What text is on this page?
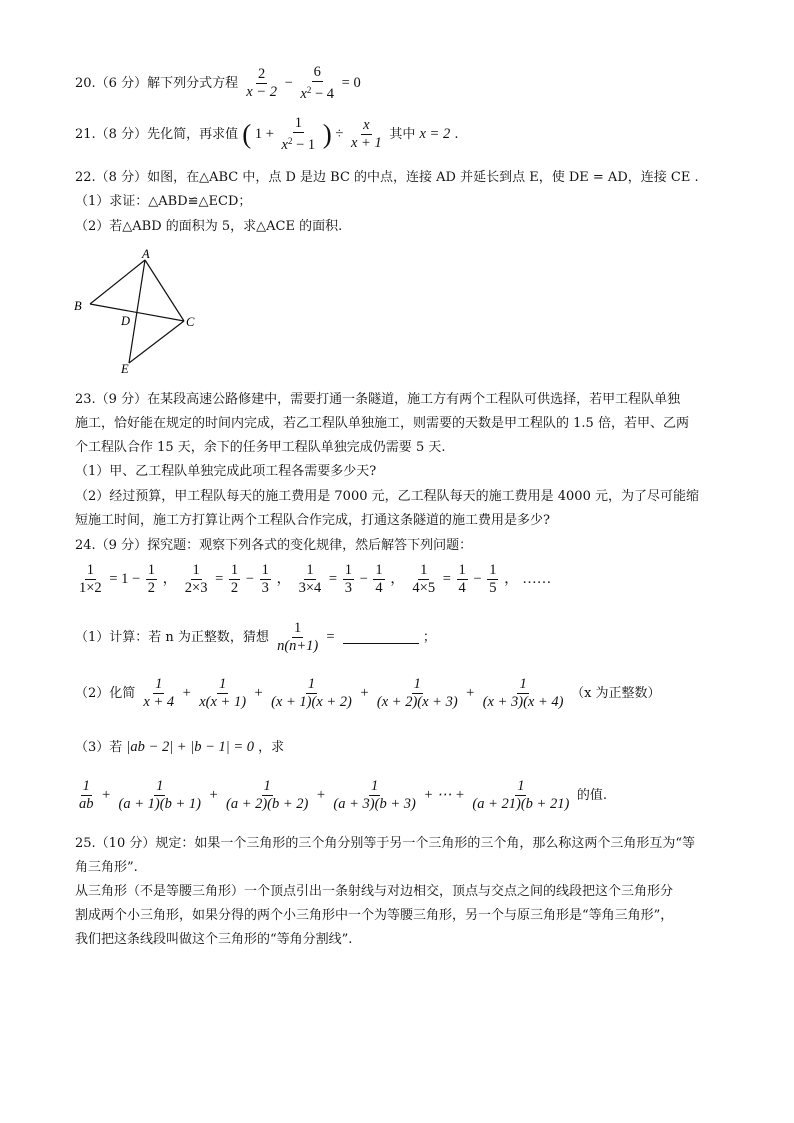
20.（6 分）解下列分式方程 $\frac{2}{x - 2} - \frac{6}{x^2 - 4} = 0$
21.（8 分）先化简，再求值 ( $1 + \frac{1}{x^2 - 1}$ ) ÷ $\frac{x}{x + 1}$ 其中 x = 2 .
22.（8 分）如图，在△ABC 中，点 D 是边 BC 的中点，连接 AD 并延长到点 E，使 DE = AD，连接 CE .
（1）求证：△ABD≌△ECD；
（2）若△ABD 的面积为 5，求△ACE 的面积.
A
B
C
D
E
23.（9 分）在某段高速公路修建中，需要打通一条隧道，施工方有两个工程队可供选择，若甲工程队单独
施工，恰好能在规定的时间内完成，若乙工程队单独施工，则需要的天数是甲工程队的 1.5 倍，若甲、乙两
个工程队合作 15 天，余下的任务甲工程队单独完成仍需要 5 天.
（1）甲、乙工程队单独完成此项工程各需要多少天?
（2）经过预算，甲工程队每天的施工费用是 7000 元，乙工程队每天的施工费用是 4000 元，为了尽可能缩
短施工时间，施工方打算让两个工程队合作完成，打通这条隧道的施工费用是多少?
24.（9 分）探究题：观察下列各式的变化规律，然后解答下列问题：
$\frac{1}{1\times 2} = 1 - \frac{1}{2}$ ， $\frac{1}{2\times 3} = \frac{1}{2} - \frac{1}{3}$ ， $\frac{1}{3\times 4} = \frac{1}{3} - \frac{1}{4}$ ， $\frac{1}{4\times 5} = \frac{1}{4} - \frac{1}{5}$ ， ……
（1）计算：若 n 为正整数，猜想 $\frac{1}{n(n+1)}$ =	；
（2）化简 $\frac{1}{x + 4} + \frac{1}{x(x + 1)} + \frac{1}{(x + 1)(x + 2)} + \frac{1}{(x + 2)(x + 3)} + \frac{1}{(x + 3)(x + 4)} (x$ 为正整数）
（3）若 |ab − 2| + |b − 1| = 0 ，求
$\frac{1}{ab} + \frac{1}{(a + 1)(b + 1)} + \frac{1}{(a + 2)(b + 2)} + \frac{1}{(a + 3)(b + 3)}$ + ⋯ + $\frac{1}{(a + 21)(b + 21)}$ 的值.
25.（10 分）规定：如果一个三角形的三个角分别等于另一个三角形的三个角，那么称这两个三角形互为“等
角三角形”.
从三角形（不是等腰三角形）一个顶点引出一条射线与对边相交，顶点与交点之间的线段把这个三角形分
割成两个小三角形，如果分得的两个小三角形中一个为等腰三角形，另一个与原三角形是“等角三角形”，
我们把这条线段叫做这个三角形的“等角分割线”.
